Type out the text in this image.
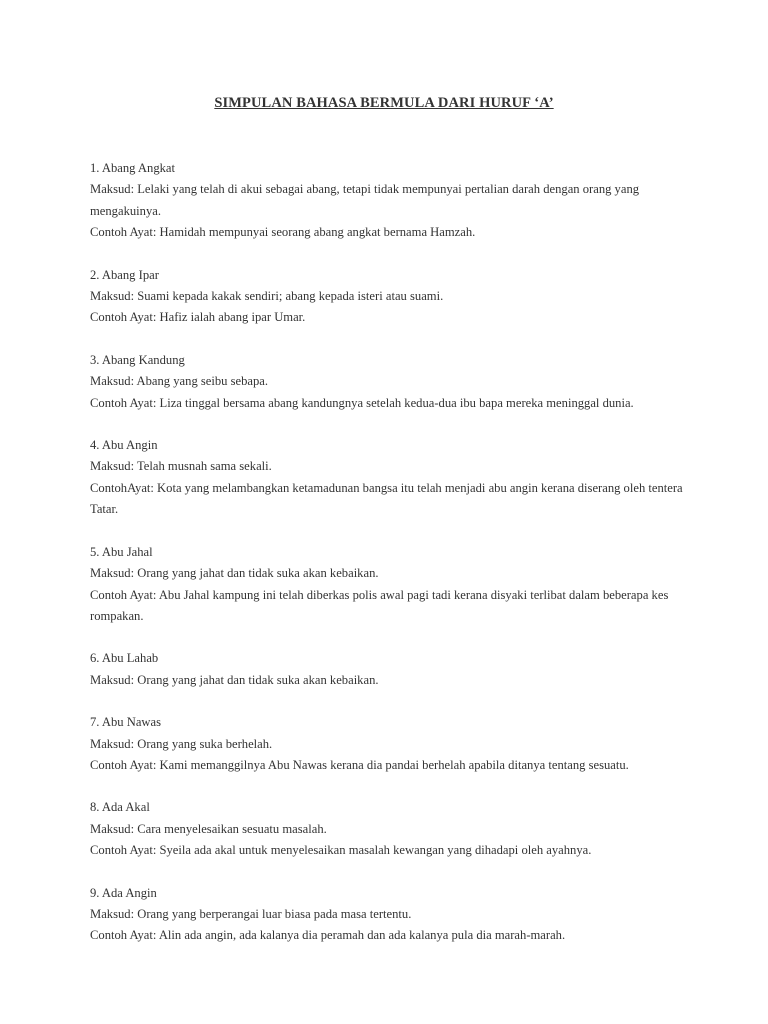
SIMPULAN BAHASA BERMULA DARI HURUF ‘A’

1. Abang Angkat

Maksud: Lelaki yang telah di akui sebagai abang, tetapi tidak mempunyai pertalian darah dengan orang yang mengakuinya.

Contoh Ayat: Hamidah mempunyai seorang abang angkat bernama Hamzah.

2. Abang Ipar

Maksud: Suami kepada kakak sendiri; abang kepada isteri atau suami.

Contoh Ayat: Hafiz ialah abang ipar Umar.

3. Abang Kandung

Maksud: Abang yang seibu sebapa.

Contoh Ayat: Liza tinggal bersama abang kandungnya setelah kedua-dua ibu bapa mereka meninggal dunia.

4. Abu Angin

Maksud: Telah musnah sama sekali.

ContohAyat: Kota yang melambangkan ketamadunan bangsa itu telah menjadi abu angin kerana diserang oleh tentera Tatar.

5. Abu Jahal

Maksud: Orang yang jahat dan tidak suka akan kebaikan.

Contoh Ayat: Abu Jahal kampung ini telah diberkas polis awal pagi tadi kerana disyaki terlibat dalam beberapa kes rompakan.

6. Abu Lahab

Maksud: Orang yang jahat dan tidak suka akan kebaikan.

7. Abu Nawas

Maksud: Orang yang suka berhelah.

Contoh Ayat: Kami memanggilnya Abu Nawas kerana dia pandai berhelah apabila ditanya tentang sesuatu.

8. Ada Akal

Maksud: Cara menyelesaikan sesuatu masalah.

Contoh Ayat: Syeila ada akal untuk menyelesaikan masalah kewangan yang dihadapi oleh ayahnya.

9. Ada Angin

Maksud: Orang yang berperangai luar biasa pada masa tertentu.

Contoh Ayat: Alin ada angin, ada kalanya dia peramah dan ada kalanya pula dia marah-marah.
